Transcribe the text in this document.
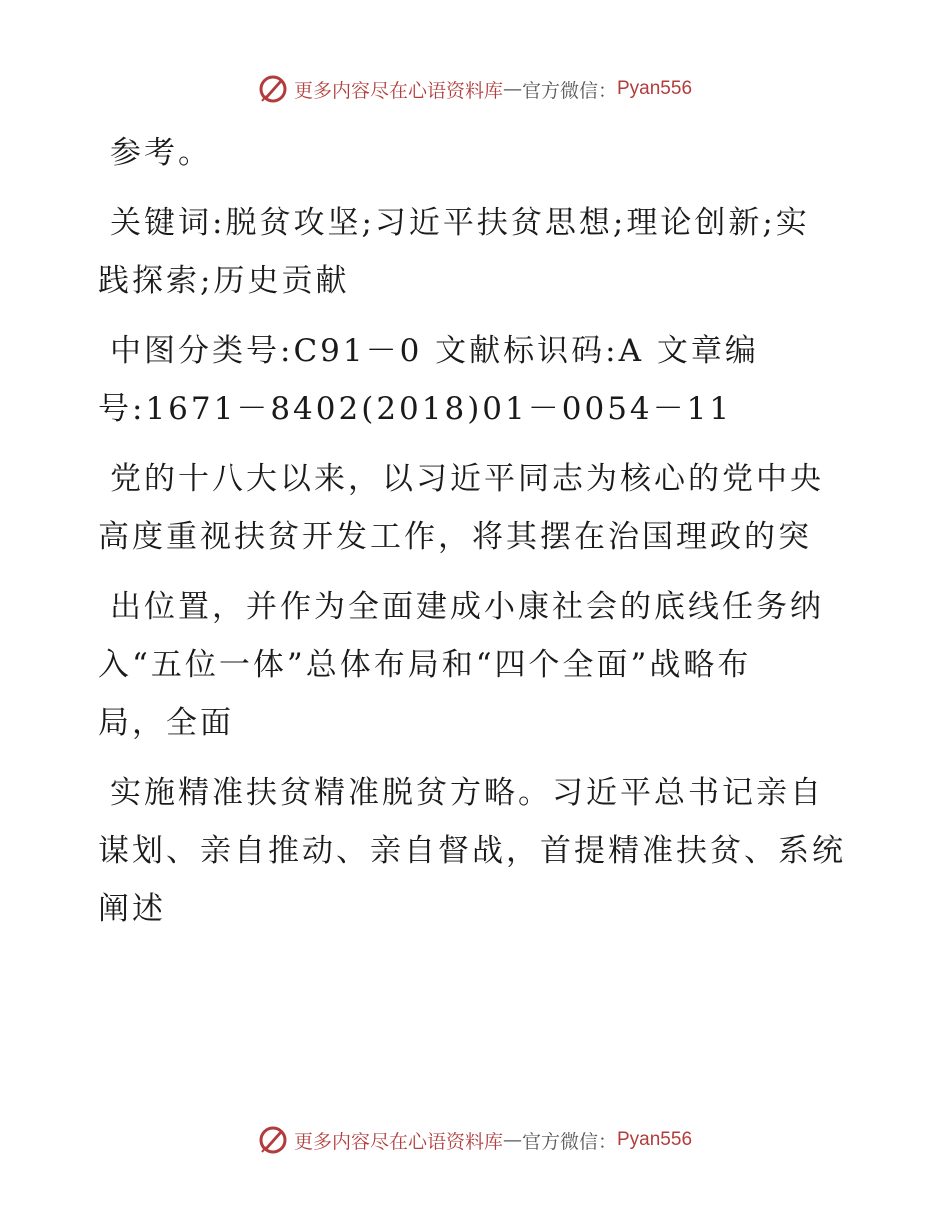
更多内容尽在心语资料库 — 官方微信： Pyan556

参考。

关键词:脱贫攻坚;习近平扶贫思想;理论创新;实
践探索;历史贡献

中图分类号:C91－0 文献标识码:A 文章编
号:1671－8402(2018)01－0054－11

党的十八大以来，以习近平同志为核心的党中央
高度重视扶贫开发工作，将其摆在治国理政的突

出位置，并作为全面建成小康社会的底线任务纳
入“五位一体”总体布局和“四个全面”战略布
局，全面

实施精准扶贫精准脱贫方略。习近平总书记亲自
谋划、亲自推动、亲自督战，首提精准扶贫、系统
阐述

更多内容尽在心语资料库 — 官方微信： Pyan556
